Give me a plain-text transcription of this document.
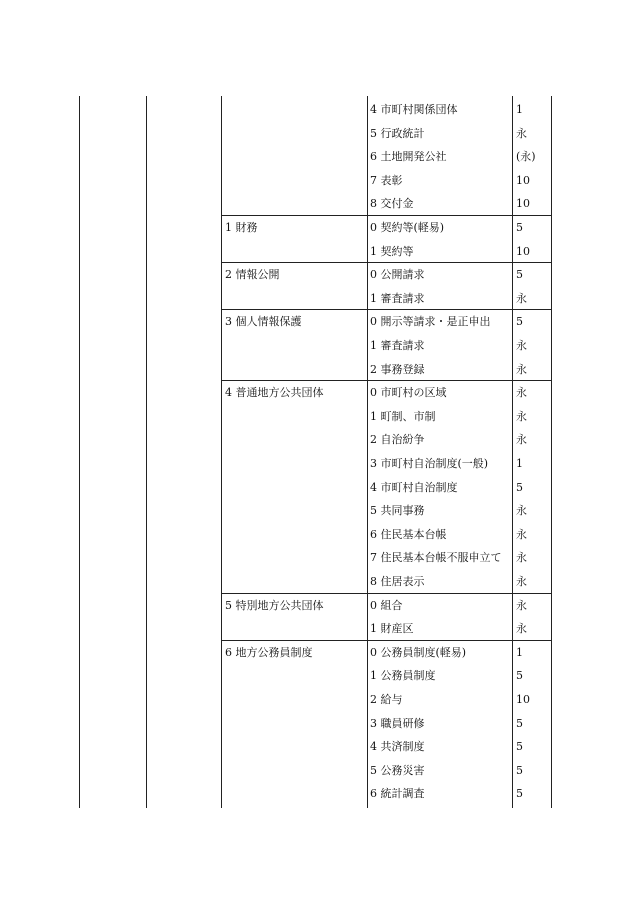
4 市町村関係団体	1
5 行政統計	永
6 土地開発公社	(永)
7 表彰	10
8 交付金	10
1 財務	0 契約等(軽易)	5
1 契約等	10
2 情報公開	0 公開請求	5
1 審査請求	永
3 個人情報保護	0 開示等請求・是正申出 5
1 審査請求	永
2 事務登録	永
4 普通地方公共団体	0 市町村の区域	永
1 町制、市制	永
2 自治紛争	永
3 市町村自治制度(一般)	1
4 市町村自治制度	5
5 共同事務	永
6 住民基本台帳	永
7 住民基本台帳不服申立て 永
8 住居表示	永
5 特別地方公共団体	0 組合	永
1 財産区	永
6 地方公務員制度	0 公務員制度(軽易)	1
1 公務員制度	5
2 給与	10
3 職員研修	5
4 共済制度	5
5 公務災害	5
6 統計調査	5
